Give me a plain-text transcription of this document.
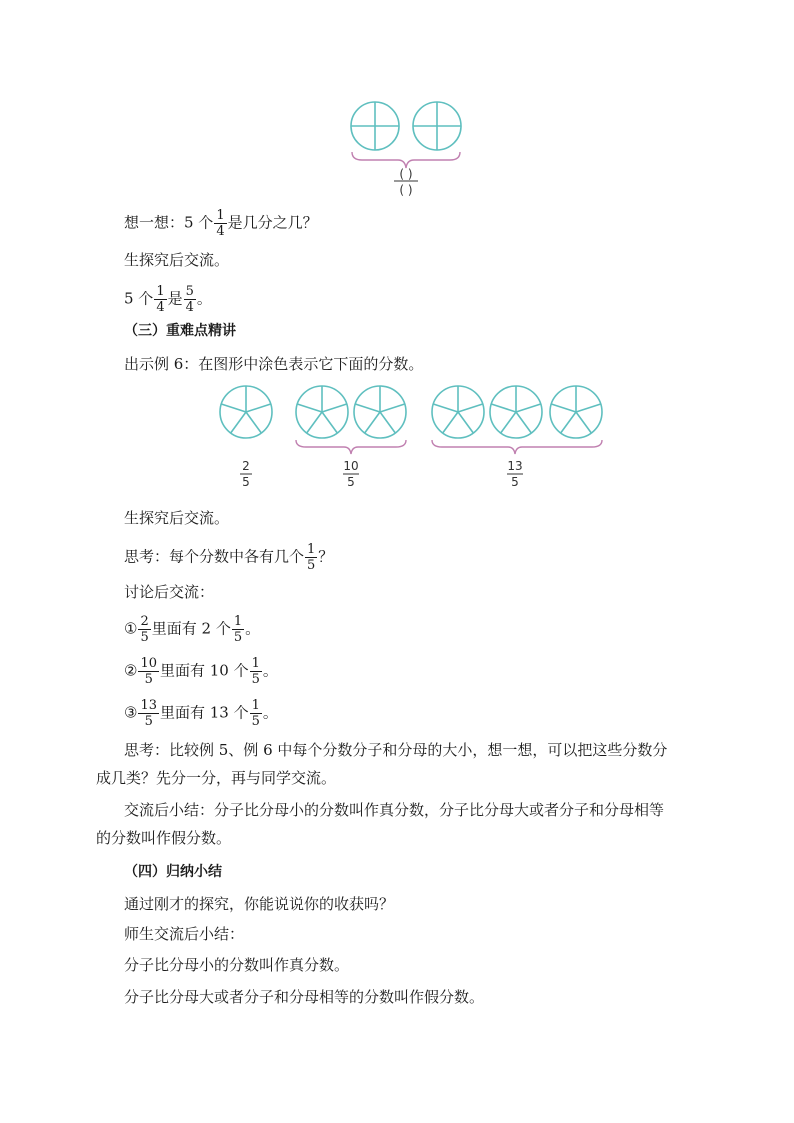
( )
( )
2
5
10
5
13
5
想一想：5 个 $\frac{1}{4}$ 是几分之几？
生探究后交流。
5 个 $\frac{1}{4}$ 是 $\frac{5}{4}$ 。
（三）重难点精讲
出示例 6：在图形中涂色表示它下面的分数。
生探究后交流。
思考：每个分数中各有几个 $\frac{1}{5}$ ？
讨论后交流：
① $\frac{2}{5}$ 里面有 2 个 $\frac{1}{5}$ 。
② $\frac{10}{5}$ 里面有 10 个 $\frac{1}{5}$ 。
③ $\frac{13}{5}$ 里面有 13 个 $\frac{1}{5}$ 。
思考：比较例 5、例 6 中每个分数分子和分母的大小，想一想，可以把这些分数分
成几类？先分一分，再与同学交流。
交流后小结：分子比分母小的分数叫作真分数，分子比分母大或者分子和分母相等
的分数叫作假分数。
（四）归纳小结
通过刚才的探究，你能说说你的收获吗？
师生交流后小结：
分子比分母小的分数叫作真分数。
分子比分母大或者分子和分母相等的分数叫作假分数。
